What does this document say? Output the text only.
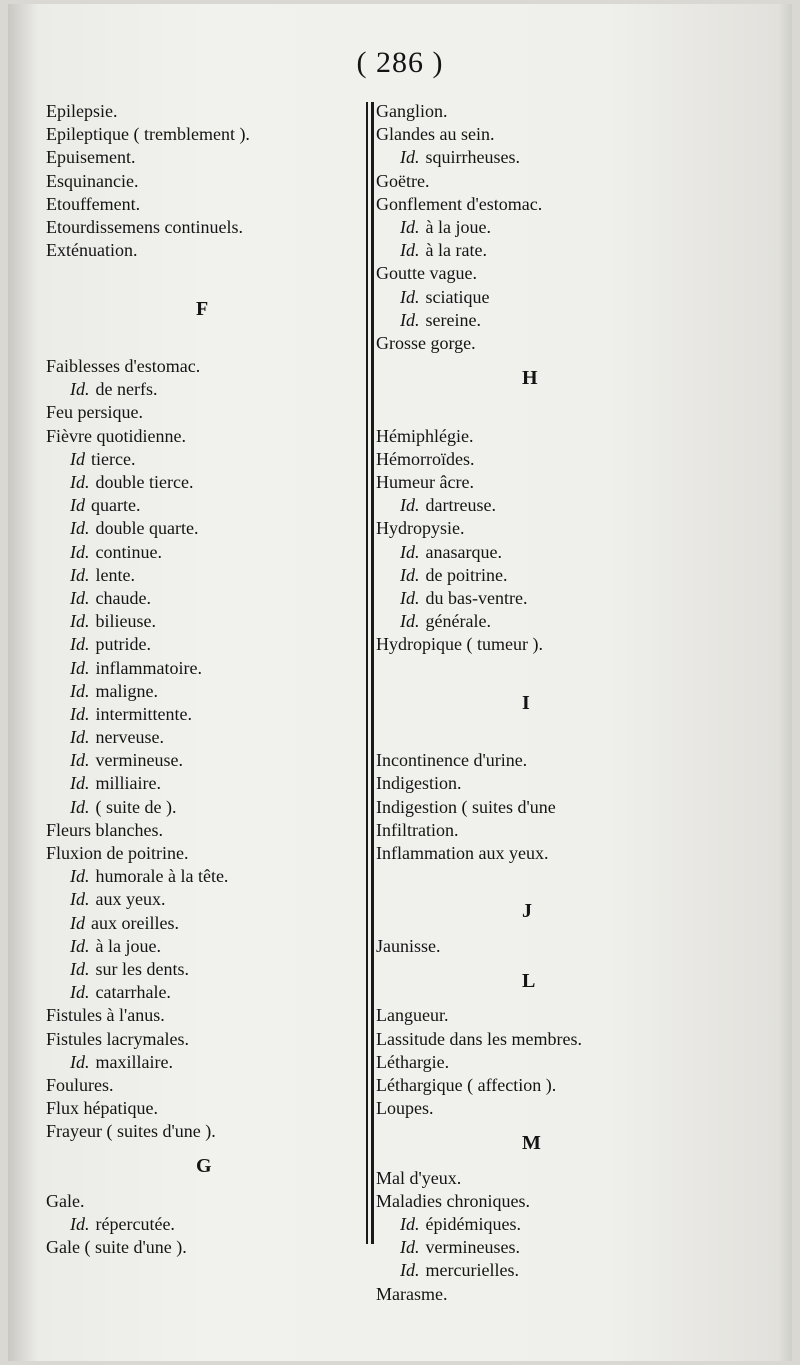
( 286 )
Epilepsie.
Epileptique ( tremblement ).
Epuisement.
Esquinancie.
Etouffement.
Etourdissemens continuels.
Exténuation.
F
Faiblesses d'estomac.
Id. de nerfs.
Feu persique.
Fièvre quotidienne.
Id tierce.
Id. double tierce.
Id quarte.
Id. double quarte.
Id. continue.
Id. lente.
Id. chaude.
Id. bilieuse.
Id. putride.
Id. inflammatoire.
Id. maligne.
Id. intermittente.
Id. nerveuse.
Id. vermineuse.
Id. milliaire.
Id. ( suite de ).
Fleurs blanches.
Fluxion de poitrine.
Id. humorale à la tête.
Id. aux yeux.
Id aux oreilles.
Id. à la joue.
Id. sur les dents.
Id. catarrhale.
Fistules à l'anus.
Fistules lacrymales.
Id. maxillaire.
Foulures.
Flux hépatique.
Frayeur ( suites d'une ).
G
Gale.
Id. répercutée.
Gale ( suite d'une ).
Ganglion.
Glandes au sein.
Id. squirrheuses.
Goëtre.
Gonflement d'estomac.
Id. à la joue.
Id. à la rate.
Goutte vague.
Id. sciatique
Id. sereine.
Grosse gorge.
H
Hémiphlégie.
Hémorroïdes.
Humeur âcre.
Id. dartreuse.
Hydropysie.
Id. anasarque.
Id. de poitrine.
Id. du bas-ventre.
Id. générale.
Hydropique ( tumeur ).
I
Incontinence d'urine.
Indigestion.
Indigestion ( suites d'une
Infiltration.
Inflammation aux yeux.
J
Jaunisse.
L
Langueur.
Lassitude dans les membres.
Léthargie.
Léthargique ( affection ).
Loupes.
M
Mal d'yeux.
Maladies chroniques.
Id. épidémiques.
Id. vermineuses.
Id. mercurielles.
Marasme.
